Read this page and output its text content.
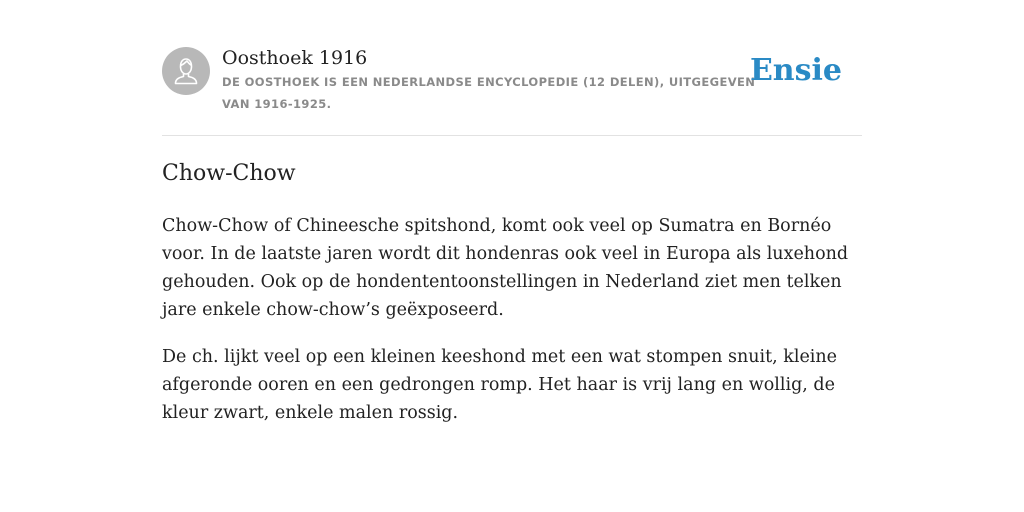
Oosthoek 1916
DE OOSTHOEK IS EEN NEDERLANDSE ENCYCLOPEDIE (12 DELEN), UITGEGEVEN VAN 1916-1925.
Ensie
Chow-Chow

Chow-Chow of Chineesche spitshond, komt ook veel op Sumatra en Bornéo voor. In de laatste jaren wordt dit hondenras ook veel in Europa als luxehond gehouden. Ook op de hondententoonstellingen in Nederland ziet men telken jare enkele chow-chow’s geëxposeerd.

De ch. lijkt veel op een kleinen keeshond met een wat stompen snuit, kleine afgeronde ooren en een gedrongen romp. Het haar is vrij lang en wollig, de kleur zwart, enkele malen rossig.
